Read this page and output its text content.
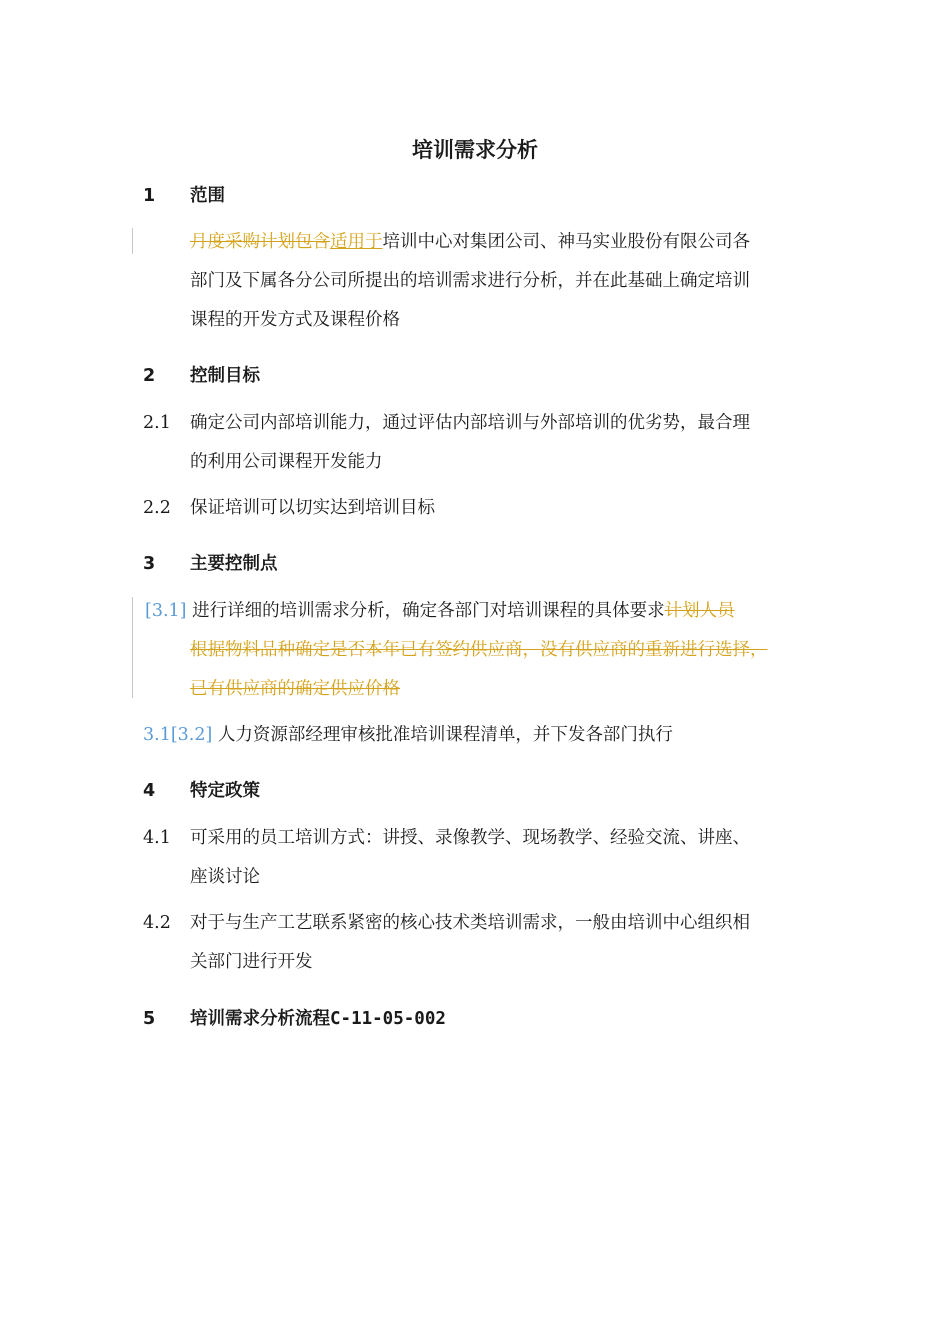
培训需求分析
1 范围
月度采购计划包含适用于培训中心对集团公司、神马实业股份有限公司各
部门及下属各分公司所提出的培训需求进行分析，并在此基础上确定培训
课程的开发方式及课程价格
2 控制目标
2.1 确定公司内部培训能力，通过评估内部培训与外部培训的优劣势，最合理
的利用公司课程开发能力
2.2 保证培训可以切实达到培训目标
3 主要控制点
[3.1] 进行详细的培训需求分析，确定各部门对培训课程的具体要求计划人员
根据物料品种确定是否本年已有签约供应商，没有供应商的重新进行选择，
已有供应商的确定供应价格
3.1[3.2] 人力资源部经理审核批准培训课程清单，并下发各部门执行
4 特定政策
4.1 可采用的员工培训方式：讲授、录像教学、现场教学、经验交流、讲座、
座谈讨论
4.2 对于与生产工艺联系紧密的核心技术类培训需求，一般由培训中心组织相
关部门进行开发
5 培训需求分析流程C-11-05-002
